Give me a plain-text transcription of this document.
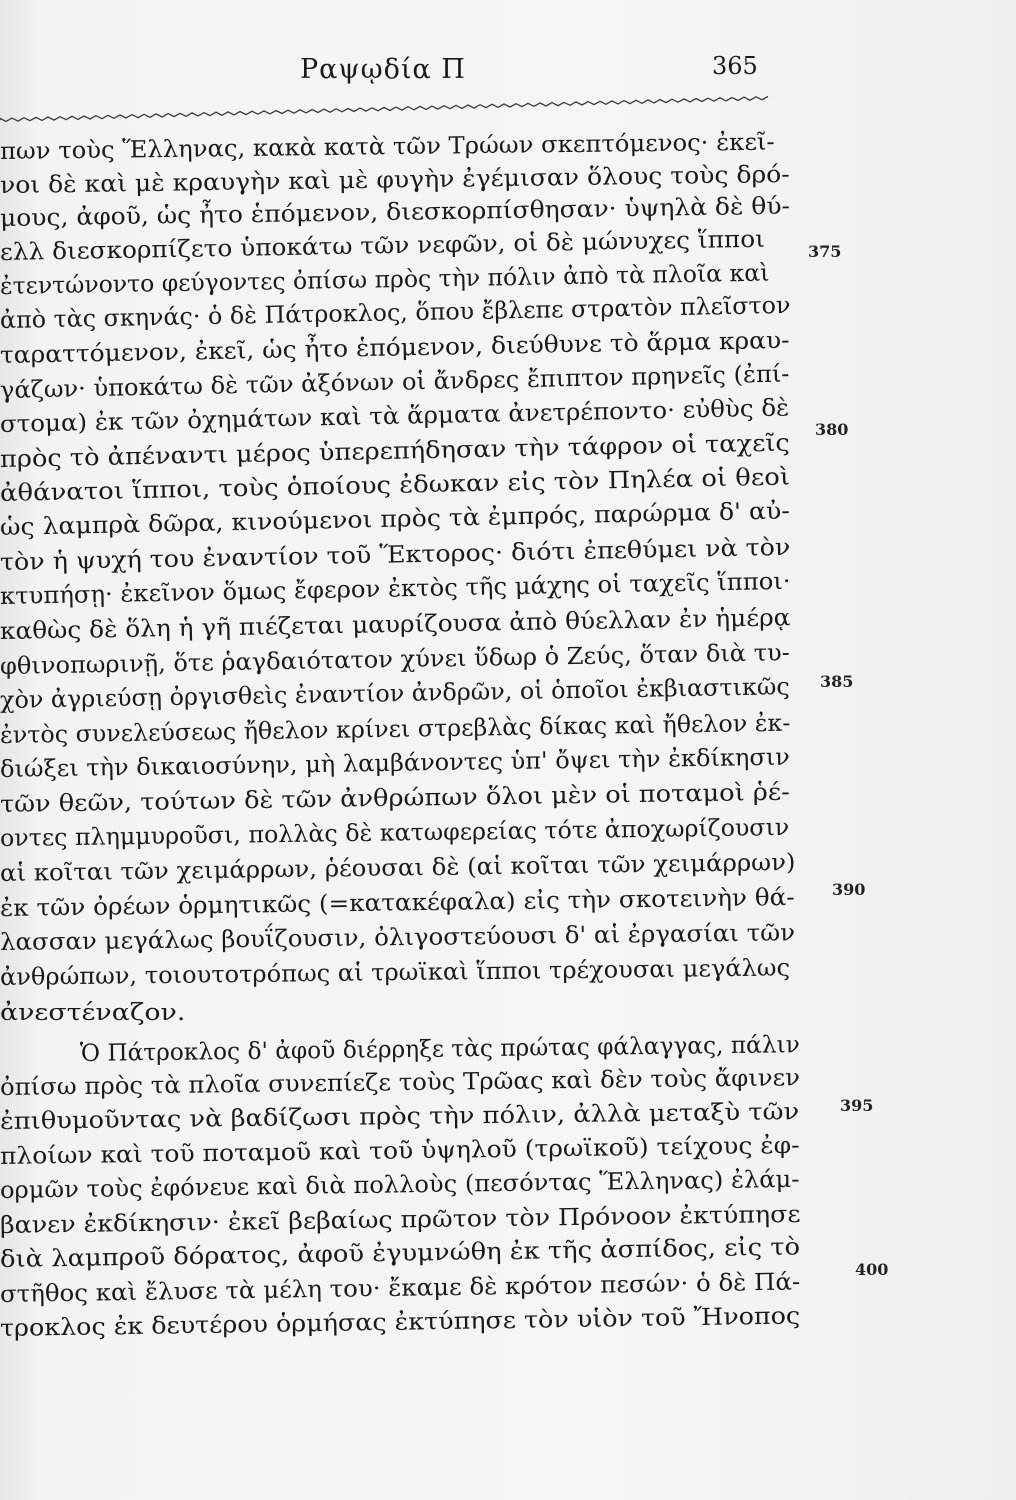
Ραψῳδία Π	365
πων τοὺς Ἕλληνας, κακὰ κατὰ τῶν Τρώων σκεπτόμενος· ἐκεῖ-
νοι δὲ καὶ μὲ κραυγὴν καὶ μὲ φυγὴν ἐγέμισαν ὅλους τοὺς δρό-
μους, ἀφοῦ, ὡς ἦτο ἑπόμενον, διεσκορπίσθησαν· ὑψηλὰ δὲ θύ-
ελλ διεσκορπίζετο ὑποκάτω τῶν νεφῶν, οἱ δὲ μώνυχες ἵπποι
ἐτεντώνοντο φεύγοντες ὀπίσω πρὸς τὴν πόλιν ἀπὸ τὰ πλοῖα καὶ
ἀπὸ τὰς σκηνάς· ὁ δὲ Πάτροκλος, ὅπου ἔβλεπε στρατὸν πλεῖστον
ταραττόμενον, ἐκεῖ, ὡς ἦτο ἑπόμενον, διεύθυνε τὸ ἅρμα κραυ-
γάζων· ὑποκάτω δὲ τῶν ἀξόνων οἱ ἄνδρες ἔπιπτον πρηνεῖς (ἐπί-
στομα) ἐκ τῶν ὀχημάτων καὶ τὰ ἅρματα ἀνετρέποντο· εὐθὺς δὲ
πρὸς τὸ ἀπέναντι μέρος ὑπερεπήδησαν τὴν τάφρον οἱ ταχεῖς
ἀθάνατοι ἵπποι, τοὺς ὁποίους ἐδωκαν εἰς τὸν Πηλέα οἱ θεοὶ
ὡς λαμπρὰ δῶρα, κινούμενοι πρὸς τὰ ἐμπρός, παρώρμα δ' αὐ-
τὸν ἡ ψυχή του ἐναντίον τοῦ Ἕκτορος· διότι ἐπεθύμει νὰ τὸν
κτυπήσῃ· ἐκεῖνον ὅμως ἔφερον ἐκτὸς τῆς μάχης οἱ ταχεῖς ἵπποι·
καθὼς δὲ ὅλη ἡ γῆ πιέζεται μαυρίζουσα ἀπὸ θύελλαν ἐν ἡμέρᾳ
φθινοπωρινῇ, ὅτε ῥαγδαιότατον χύνει ὕδωρ ὁ Ζεύς, ὅταν διὰ τυ-
χὸν ἀγριεύσῃ ὀργισθεὶς ἐναντίον ἀνδρῶν, οἱ ὁποῖοι ἐκβιαστικῶς
ἐντὸς συνελεύσεως ἤθελον κρίνει στρεβλὰς δίκας καὶ ἤθελον ἐκ-
διώξει τὴν δικαιοσύνην, μὴ λαμβάνοντες ὑπ' ὄψει τὴν ἐκδίκησιν
τῶν θεῶν, τούτων δὲ τῶν ἀνθρώπων ὅλοι μὲν οἱ ποταμοὶ ῥέ-
οντες πλημμυροῦσι, πολλὰς δὲ κατωφερείας τότε ἀποχωρίζουσιν
αἱ κοῖται τῶν χειμάρρων, ῥέουσαι δὲ (αἱ κοῖται τῶν χειμάρρων)
ἐκ τῶν ὀρέων ὁρμητικῶς (=κατακέφαλα) εἰς τὴν σκοτεινὴν θά-
λασσαν μεγάλως βουΐζουσιν, ὀλιγοστεύουσι δ' αἱ ἐργασίαι τῶν
ἀνθρώπων, τοιουτοτρόπως αἱ τρωϊκαὶ ἵπποι τρέχουσαι μεγάλως
ἀνεστέναζον.
Ὁ Πάτροκλος δ' ἀφοῦ διέρρηξε τὰς πρώτας φάλαγγας, πάλιν
ὀπίσω πρὸς τὰ πλοῖα συνεπίεζε τοὺς Τρῶας καὶ δὲν τοὺς ἄφινεν
ἐπιθυμοῦντας νὰ βαδίζωσι πρὸς τὴν πόλιν, ἀλλὰ μεταξὺ τῶν
πλοίων καὶ τοῦ ποταμοῦ καὶ τοῦ ὑψηλοῦ (τρωϊκοῦ) τείχους ἐφ-
ορμῶν τοὺς ἐφόνευε καὶ διὰ πολλοὺς (πεσόντας Ἕλληνας) ἐλάμ-
βανεν ἐκδίκησιν· ἐκεῖ βεβαίως πρῶτον τὸν Πρόνοον ἐκτύπησε
διὰ λαμπροῦ δόρατος, ἀφοῦ ἐγυμνώθη ἐκ τῆς ἀσπίδος, εἰς τὸ
στῆθος καὶ ἔλυσε τὰ μέλη του· ἔκαμε δὲ κρότον πεσών· ὁ δὲ Πά-
τροκλος ἐκ δευτέρου ὁρμήσας ἐκτύπησε τὸν υἱὸν τοῦ Ἤνοπος
375
380
385
390
395
400
